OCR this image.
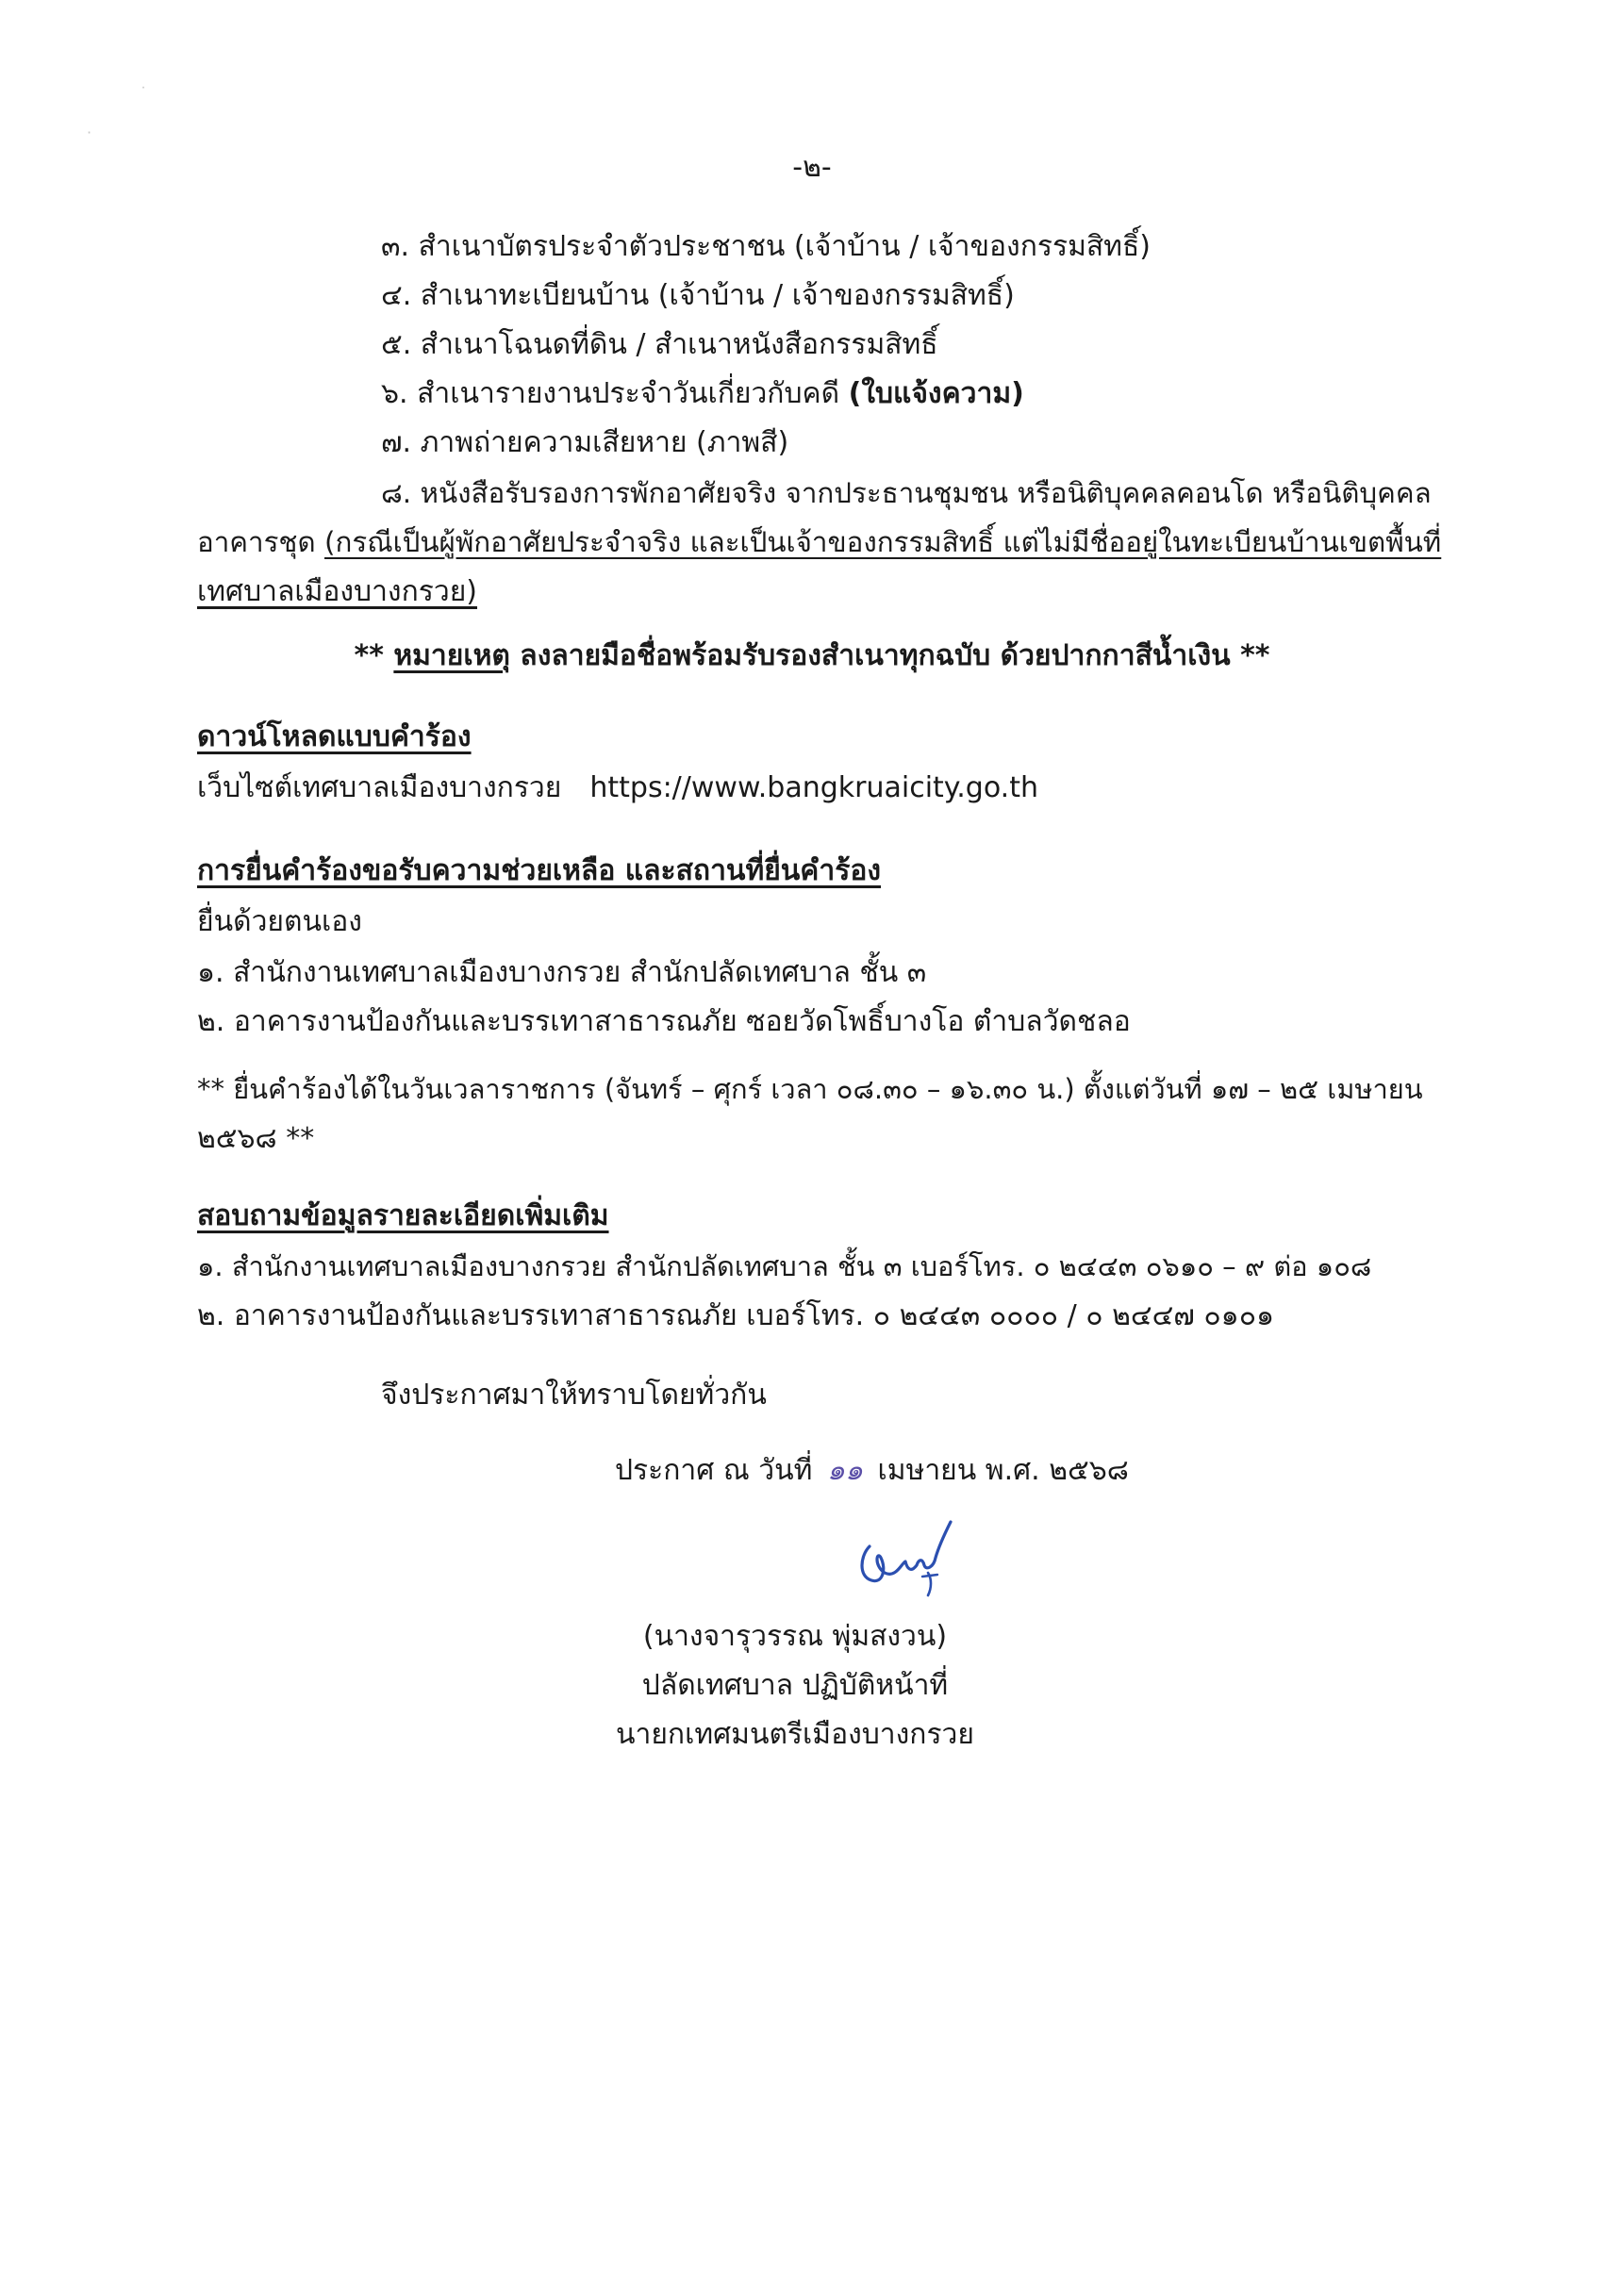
˙
·
-๒-
๓. สำเนาบัตรประจำตัวประชาชน (เจ้าบ้าน / เจ้าของกรรมสิทธิ์)
๔. สำเนาทะเบียนบ้าน (เจ้าบ้าน / เจ้าของกรรมสิทธิ์)
๕. สำเนาโฉนดที่ดิน / สำเนาหนังสือกรรมสิทธิ์
๖. สำเนารายงานประจำวันเกี่ยวกับคดี (ใบแจ้งความ)
๗. ภาพถ่ายความเสียหาย (ภาพสี)
๘. หนังสือรับรองการพักอาศัยจริง จากประธานชุมชน หรือนิติบุคคลคอนโด หรือนิติบุคคล
อาคารชุด (กรณีเป็นผู้พักอาศัยประจำจริง และเป็นเจ้าของกรรมสิทธิ์ แต่ไม่มีชื่ออยู่ในทะเบียนบ้านเขตพื้นที่
เทศบาลเมืองบางกรวย)
** หมายเหตุ ลงลายมือชื่อพร้อมรับรองสำเนาทุกฉบับ ด้วยปากกาสีน้ำเงิน **
ดาวน์โหลดแบบคำร้อง
เว็บไซต์เทศบาลเมืองบางกรวย https://www.bangkruaicity.go.th
การยื่นคำร้องขอรับความช่วยเหลือ และสถานที่ยื่นคำร้อง
ยื่นด้วยตนเอง
๑. สำนักงานเทศบาลเมืองบางกรวย สำนักปลัดเทศบาล ชั้น ๓
๒. อาคารงานป้องกันและบรรเทาสาธารณภัย ซอยวัดโพธิ์บางโอ ตำบลวัดชลอ
** ยื่นคำร้องได้ในวันเวลาราชการ (จันทร์ – ศุกร์ เวลา ๐๘.๓๐ – ๑๖.๓๐ น.) ตั้งแต่วันที่ ๑๗ – ๒๕ เมษายน
๒๕๖๘ **
สอบถามข้อมูลรายละเอียดเพิ่มเติม
๑. สำนักงานเทศบาลเมืองบางกรวย สำนักปลัดเทศบาล ชั้น ๓ เบอร์โทร. ๐ ๒๔๔๓ ๐๖๑๐ – ๙ ต่อ ๑๐๘
๒. อาคารงานป้องกันและบรรเทาสาธารณภัย เบอร์โทร. ๐ ๒๔๔๓ ๐๐๐๐ / ๐ ๒๔๔๗ ๐๑๐๑
จึงประกาศมาให้ทราบโดยทั่วกัน
ประกาศ ณ วันที่ ๑๑ เมษายน พ.ศ. ๒๕๖๘
(นางจารุวรรณ พุ่มสงวน)
ปลัดเทศบาล ปฏิบัติหน้าที่
นายกเทศมนตรีเมืองบางกรวย
